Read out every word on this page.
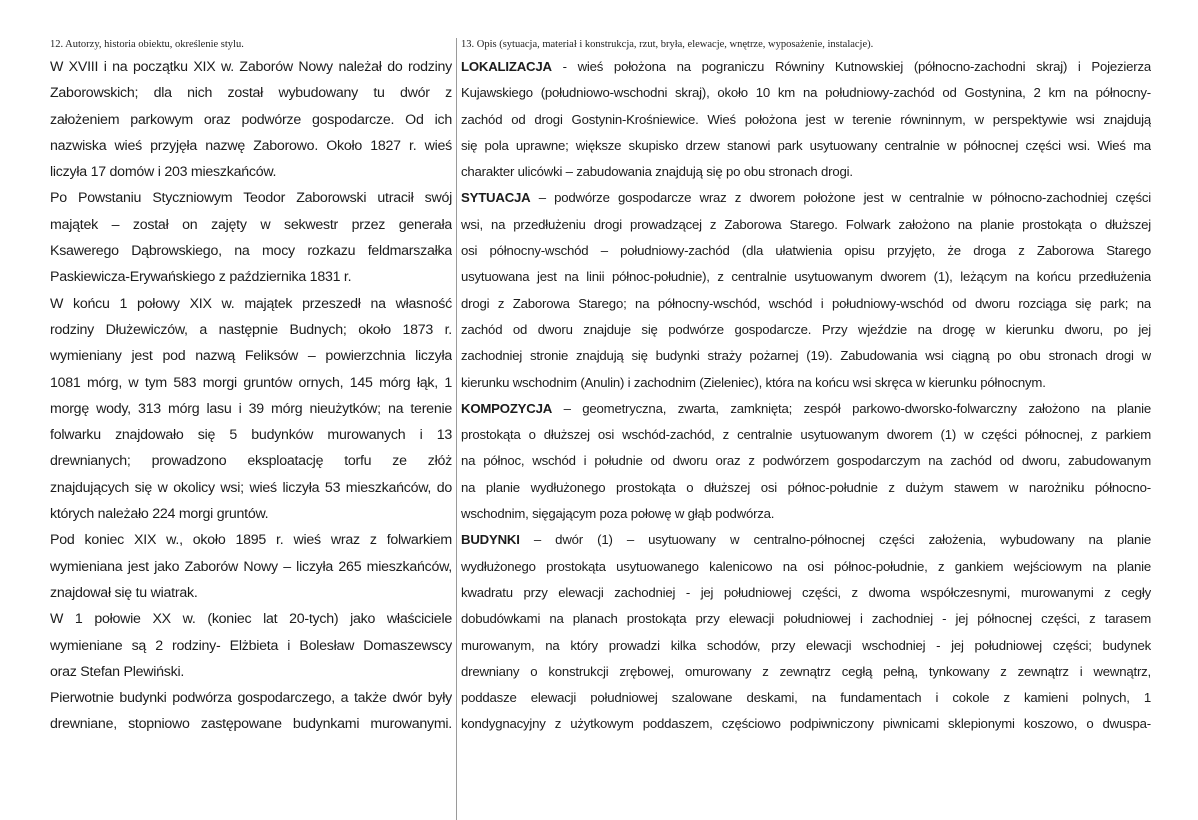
12. Autorzy, historia obiektu, określenie stylu.
W XVIII i na początku XIX w. Zaborów Nowy należał do rodziny
Zaborowskich; dla nich został wybudowany tu dwór z
założeniem parkowym oraz podwórze gospodarcze. Od ich
nazwiska wieś przyjęła nazwę Zaborowo. Około 1827 r. wieś
liczyła 17 domów i 203 mieszkańców.
Po Powstaniu Styczniowym Teodor Zaborowski utracił swój
majątek – został on zajęty w sekwestr przez generała
Ksawerego Dąbrowskiego, na mocy rozkazu feldmarszałka
Paskiewicza-Erywańskiego z października 1831 r.
W końcu 1 połowy XIX w. majątek przeszedł na własność
rodziny Dłużewiczów, a następnie Budnych; około 1873 r.
wymieniany jest pod nazwą Feliksów – powierzchnia liczyła
1081 mórg, w tym 583 morgi gruntów ornych, 145 mórg łąk, 1
morgę wody, 313 mórg lasu i 39 mórg nieużytków; na terenie
folwarku znajdowało się 5 budynków murowanych i 13
drewnianych; prowadzono eksploatację torfu ze złóż
znajdujących się w okolicy wsi; wieś liczyła 53 mieszkańców, do
których należało 224 morgi gruntów.
Pod koniec XIX w., około 1895 r. wieś wraz z folwarkiem
wymieniana jest jako Zaborów Nowy – liczyła 265 mieszkańców,
znajdował się tu wiatrak.
W 1 połowie XX w. (koniec lat 20-tych) jako właściciele
wymieniane są 2 rodziny- Elżbieta i Bolesław Domaszewscy
oraz Stefan Plewiński.
Pierwotnie budynki podwórza gospodarczego, a także dwór były
drewniane, stopniowo zastępowane budynkami murowanymi.
13. Opis (sytuacja, materiał i konstrukcja, rzut, bryła, elewacje, wnętrze, wyposażenie, instalacje).
LOKALIZACJA - wieś położona na pograniczu Równiny Kutnowskiej (północno-zachodni skraj) i Pojezierza
Kujawskiego (południowo-wschodni skraj), około 10 km na południowy-zachód od Gostynina, 2 km na północny-
zachód od drogi Gostynin-Krośniewice. Wieś położona jest w terenie równinnym, w perspektywie wsi znajdują
się pola uprawne; większe skupisko drzew stanowi park usytuowany centralnie w północnej części wsi. Wieś ma
charakter ulicówki – zabudowania znajdują się po obu stronach drogi.
SYTUACJA – podwórze gospodarcze wraz z dworem położone jest w centralnie w północno-zachodniej części
wsi, na przedłużeniu drogi prowadzącej z Zaborowa Starego. Folwark założono na planie prostokąta o dłuższej
osi północny-wschód – południowy-zachód (dla ułatwienia opisu przyjęto, że droga z Zaborowa Starego
usytuowana jest na linii północ-południe), z centralnie usytuowanym dworem (1), leżącym na końcu przedłużenia
drogi z Zaborowa Starego; na północny-wschód, wschód i południowy-wschód od dworu rozciąga się park; na
zachód od dworu znajduje się podwórze gospodarcze. Przy wjeździe na drogę w kierunku dworu, po jej
zachodniej stronie znajdują się budynki straży pożarnej (19). Zabudowania wsi ciągną po obu stronach drogi w
kierunku wschodnim (Anulin) i zachodnim (Zieleniec), która na końcu wsi skręca w kierunku północnym.
KOMPOZYCJA – geometryczna, zwarta, zamknięta; zespół parkowo-dworsko-folwarczny założono na planie
prostokąta o dłuższej osi wschód-zachód, z centralnie usytuowanym dworem (1) w części północnej, z parkiem
na północ, wschód i południe od dworu oraz z podwórzem gospodarczym na zachód od dworu, zabudowanym
na planie wydłużonego prostokąta o dłuższej osi północ-południe z dużym stawem w narożniku północno-
wschodnim, sięgającym poza połowę w głąb podwórza.
BUDYNKI – dwór (1) – usytuowany w centralno-północnej części założenia, wybudowany na planie
wydłużonego prostokąta usytuowanego kalenicowo na osi północ-południe, z gankiem wejściowym na planie
kwadratu przy elewacji zachodniej - jej południowej części, z dwoma współczesnymi, murowanymi z cegły
dobudówkami na planach prostokąta przy elewacji południowej i zachodniej - jej północnej części, z tarasem
murowanym, na który prowadzi kilka schodów, przy elewacji wschodniej - jej południowej części; budynek
drewniany o konstrukcji zrębowej, omurowany z zewnątrz cegłą pełną, tynkowany z zewnątrz i wewnątrz,
poddasze elewacji południowej szalowane deskami, na fundamentach i cokole z kamieni polnych, 1
kondygnacyjny z użytkowym poddaszem, częściowo podpiwniczony piwnicami sklepionymi koszowo, o dwuspa-
